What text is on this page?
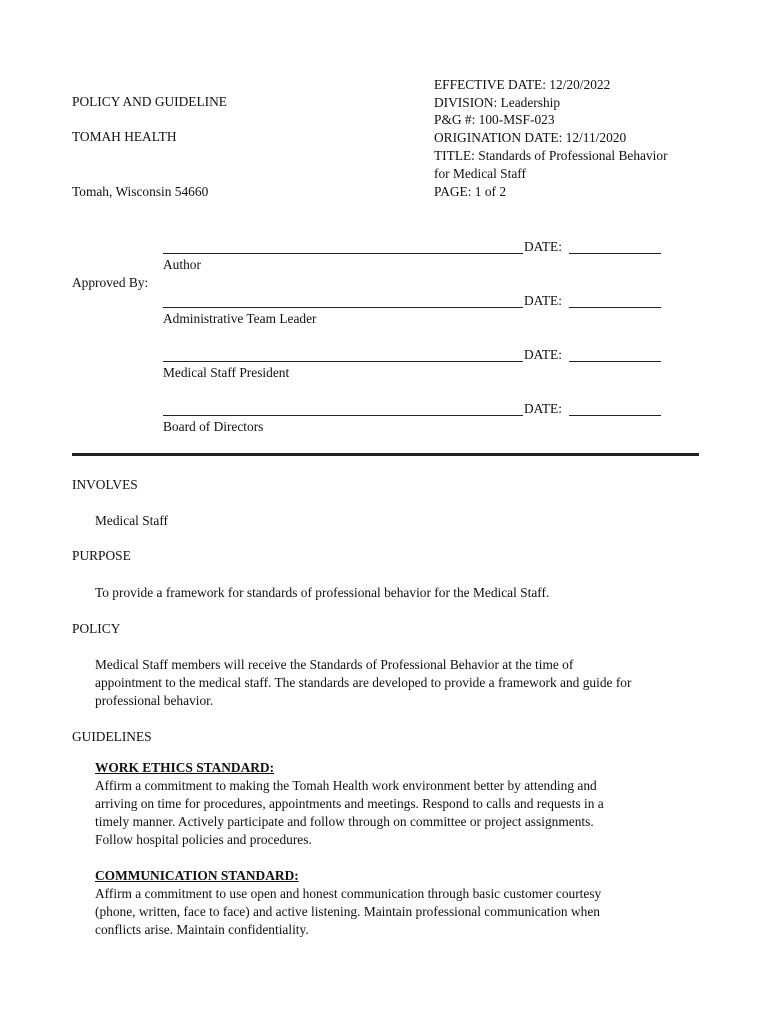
POLICY AND GUIDELINE
TOMAH HEALTH
Tomah, Wisconsin 54660
EFFECTIVE DATE: 12/20/2022
DIVISION: Leadership
P&G #: 100-MSF-023
ORIGINATION DATE: 12/11/2020
TITLE: Standards of Professional Behavior
for Medical Staff
PAGE: 1 of 2
Approved By:
DATE:
Author
DATE:
Administrative Team Leader
DATE:
Medical Staff President
DATE:
Board of Directors
INVOLVES
Medical Staff
PURPOSE
To provide a framework for standards of professional behavior for the Medical Staff.
POLICY
Medical Staff members will receive the Standards of Professional Behavior at the time of
appointment to the medical staff. The standards are developed to provide a framework and guide for
professional behavior.
GUIDELINES
WORK ETHICS STANDARD:
Affirm a commitment to making the Tomah Health work environment better by attending and
arriving on time for procedures, appointments and meetings. Respond to calls and requests in a
timely manner. Actively participate and follow through on committee or project assignments.
Follow hospital policies and procedures.
COMMUNICATION STANDARD:
Affirm a commitment to use open and honest communication through basic customer courtesy
(phone, written, face to face) and active listening. Maintain professional communication when
conflicts arise. Maintain confidentiality.
